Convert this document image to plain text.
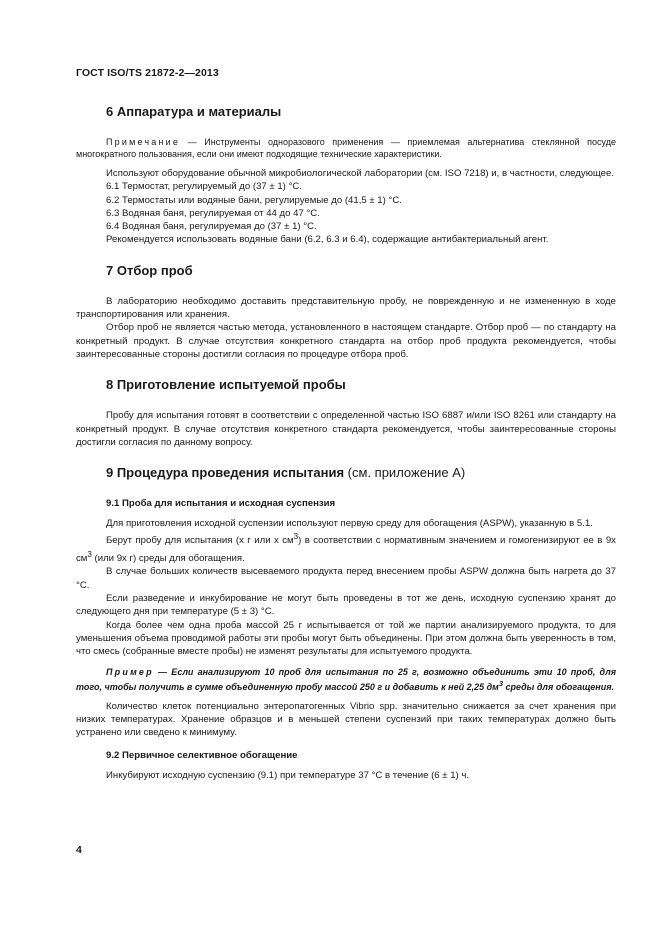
ГОСТ ISO/TS 21872-2—2013
6 Аппаратура и материалы

Примечание — Инструменты одноразового применения — приемлемая альтернатива стеклянной посуде многократного пользования, если они имеют подходящие технические характеристики.

Используют оборудование обычной микробиологической лаборатории (см. ISO 7218) и, в частности, следующее.

6.1 Термостат, регулируемый до (37 ± 1) °С.

6.2 Термостаты или водяные бани, регулируемые до (41,5 ± 1) °С.

6.3 Водяная баня, регулируемая от 44 до 47 °С.

6.4 Водяная баня, регулируемая до (37 ± 1) °С.

Рекомендуется использовать водяные бани (6.2, 6.3 и 6.4), содержащие антибактериальный агент.

7 Отбор проб

В лабораторию необходимо доставить представительную пробу, не поврежденную и не измененную в ходе транспортирования или хранения.

Отбор проб не является частью метода, установленного в настоящем стандарте. Отбор проб — по стандарту на конкретный продукт. В случае отсутствия конкретного стандарта на отбор проб продукта рекомендуется, чтобы заинтересованные стороны достигли согласия по процедуре отбора проб.

8 Приготовление испытуемой пробы

Пробу для испытания готовят в соответствии с определенной частью ISO 6887 и/или ISO 8261 или стандарту на конкретный продукт. В случае отсутствия конкретного стандарта рекомендуется, чтобы заинтересованные стороны достигли согласия по данному вопросу.

9 Процедура проведения испытания (см. приложение А)
9.1 Проба для испытания и исходная суспензия

Для приготовления исходной суспензии используют первую среду для обогащения (ASPW), указанную в 5.1.

Берут пробу для испытания (x г или x $см^3$) в соответствии с нормативным значением и гомогенизируют ее в 9x $см^3$ (или 9x г) среды для обогащения.

В случае больших количеств высеваемого продукта перед внесением пробы ASPW должна быть нагрета до 37 °С.

Если разведение и инкубирование не могут быть проведены в тот же день, исходную суспензию хранят до следующего дня при температуре (5 ± 3) °С.

Когда более чем одна проба массой 25 г испытывается от той же партии анализируемого продукта, то для уменьшения объема проводимой работы эти пробы могут быть объединены. При этом должна быть уверенность в том, что смесь (собранные вместе пробы) не изменят результаты для испытуемого продукта.

Пример — Если анализируют 10 проб для испытания по 25 г, возможно объединить эти 10 проб, для того, чтобы получить в сумме объединенную пробу массой 250 г и добавить к ней 2,25 $дм^3$ среды для обогащения.

Количество клеток потенциально энтеропатогенных Vibrio spp. значительно снижается за счет хранения при низких температурах. Хранение образцов и в меньшей степени суспензий при таких температурах должно быть устранено или сведено к минимуму.

9.2 Первичное селективное обогащение

Инкубируют исходную суспензию (9.1) при температуре 37 °С в течение (6 ± 1) ч.

4
